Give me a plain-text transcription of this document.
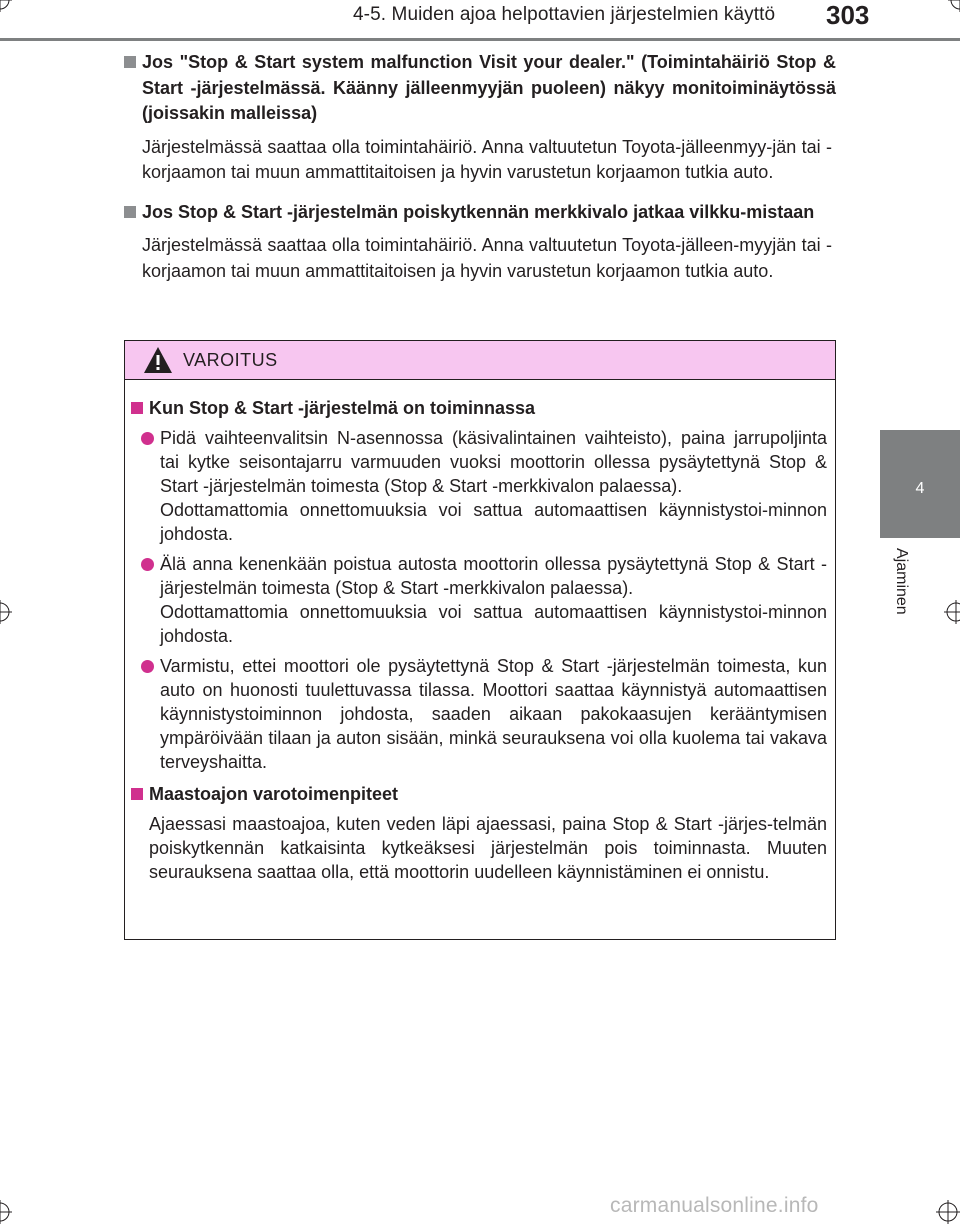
4-5. Muiden ajoa helpottavien järjestelmien käyttö 303
4
Ajaminen
Jos "Stop & Start system malfunction Visit your dealer." (Toimintahäiriö Stop & Start -järjestelmässä. Käänny jälleenmyyjän puoleen) näkyy monitoiminäytössä (joissakin malleissa)
Järjestelmässä saattaa olla toimintahäiriö. Anna valtuutetun Toyota-jälleenmyy-jän tai -korjaamon tai muun ammattitaitoisen ja hyvin varustetun korjaamon tutkia auto.
Jos Stop & Start -järjestelmän poiskytkennän merkkivalo jatkaa vilkku-mistaan
Järjestelmässä saattaa olla toimintahäiriö. Anna valtuutetun Toyota-jälleen-myyjän tai -korjaamon tai muun ammattitaitoisen ja hyvin varustetun korjaamon tutkia auto.
VAROITUS
Kun Stop & Start -järjestelmä on toiminnassa
Pidä vaihteenvalitsin N-asennossa (käsivalintainen vaihteisto), paina jarrupoljinta tai kytke seisontajarru varmuuden vuoksi moottorin ollessa pysäytettynä Stop & Start -järjestelmän toimesta (Stop & Start -merkkivalon palaessa).
Odottamattomia onnettomuuksia voi sattua automaattisen käynnistystoi-minnon johdosta.
Älä anna kenenkään poistua autosta moottorin ollessa pysäytettynä Stop & Start -järjestelmän toimesta (Stop & Start -merkkivalon palaessa).
Odottamattomia onnettomuuksia voi sattua automaattisen käynnistystoi-minnon johdosta.
Varmistu, ettei moottori ole pysäytettynä Stop & Start -järjestelmän toimesta, kun auto on huonosti tuulettuvassa tilassa. Moottori saattaa käynnistyä automaattisen käynnistystoiminnon johdosta, saaden aikaan pakokaasujen kerääntymisen ympäröivään tilaan ja auton sisään, minkä seurauksena voi olla kuolema tai vakava terveyshaitta.
Maastoajon varotoimenpiteet
Ajaessasi maastoajoa, kuten veden läpi ajaessasi, paina Stop & Start -järjes-telmän poiskytkennän katkaisinta kytkeäksesi järjestelmän pois toiminnasta. Muuten seurauksena saattaa olla, että moottorin uudelleen käynnistäminen ei onnistu.
carmanualsonline.info
